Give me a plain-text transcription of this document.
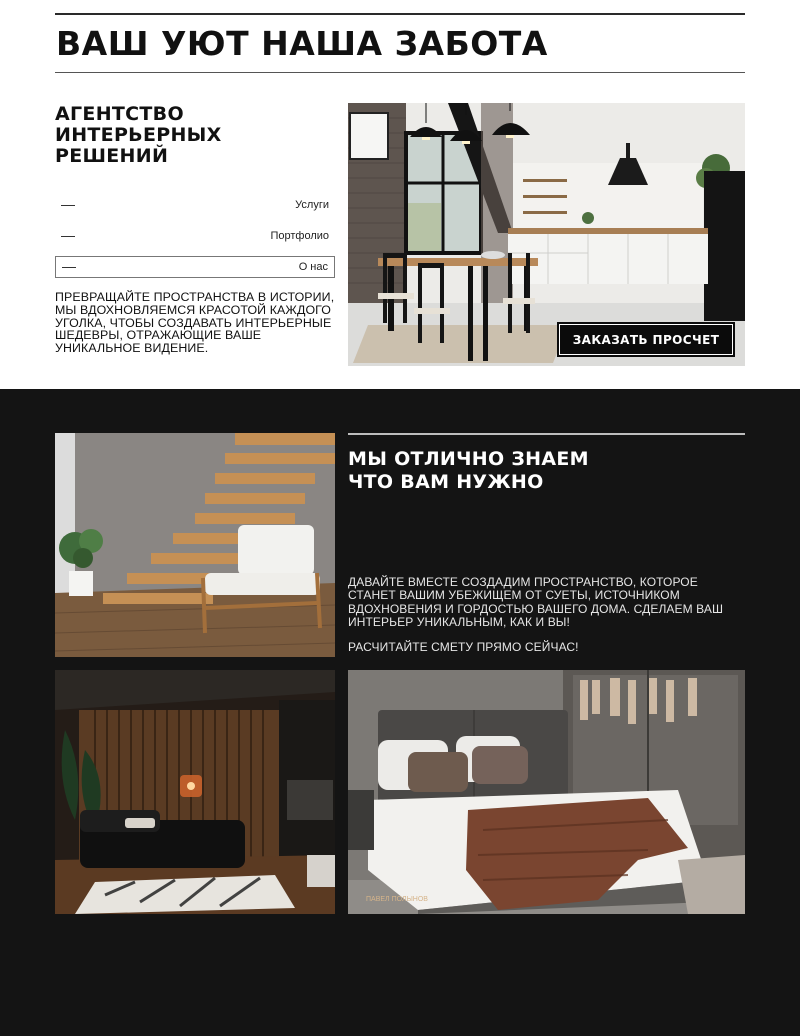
ВАШ УЮТ НАША ЗАБОТА
АГЕНТСТВО
ИНТЕРЬЕРНЫХ
РЕШЕНИЙ
Услуги
Портфолио
О нас

ПРЕВРАЩАЙТЕ ПРОСТРАНСТВА В ИСТОРИИ, МЫ ВДОХНОВЛЯЕМСЯ КРАСОТОЙ КАЖДОГО УГОЛКА, ЧТОБЫ СОЗДАВАТЬ ИНТЕРЬЕРНЫЕ ШЕДЕВРЫ, ОТРАЖАЮЩИЕ ВАШЕ УНИКАЛЬНОЕ ВИДЕНИЕ.

ЗАКАЗАТЬ ПРОСЧЕТ
МЫ ОТЛИЧНО ЗНАЕМ
ЧТО ВАМ НУЖНО

ДАВАЙТЕ ВМЕСТЕ СОЗДАДИМ ПРОСТРАНСТВО, КОТОРОЕ СТАНЕТ ВАШИМ УБЕЖИЩЕМ ОТ СУЕТЫ, ИСТОЧНИКОМ ВДОХНОВЕНИЯ И ГОРДОСТЬЮ ВАШЕГО ДОМА. СДЕЛАЕМ ВАШ ИНТЕРЬЕР УНИКАЛЬНЫМ, КАК И ВЫ!

РАСЧИТАЙТЕ СМЕТУ ПРЯМО СЕЙЧАС!

ПАВЕЛ ПОЛЫНОВ
